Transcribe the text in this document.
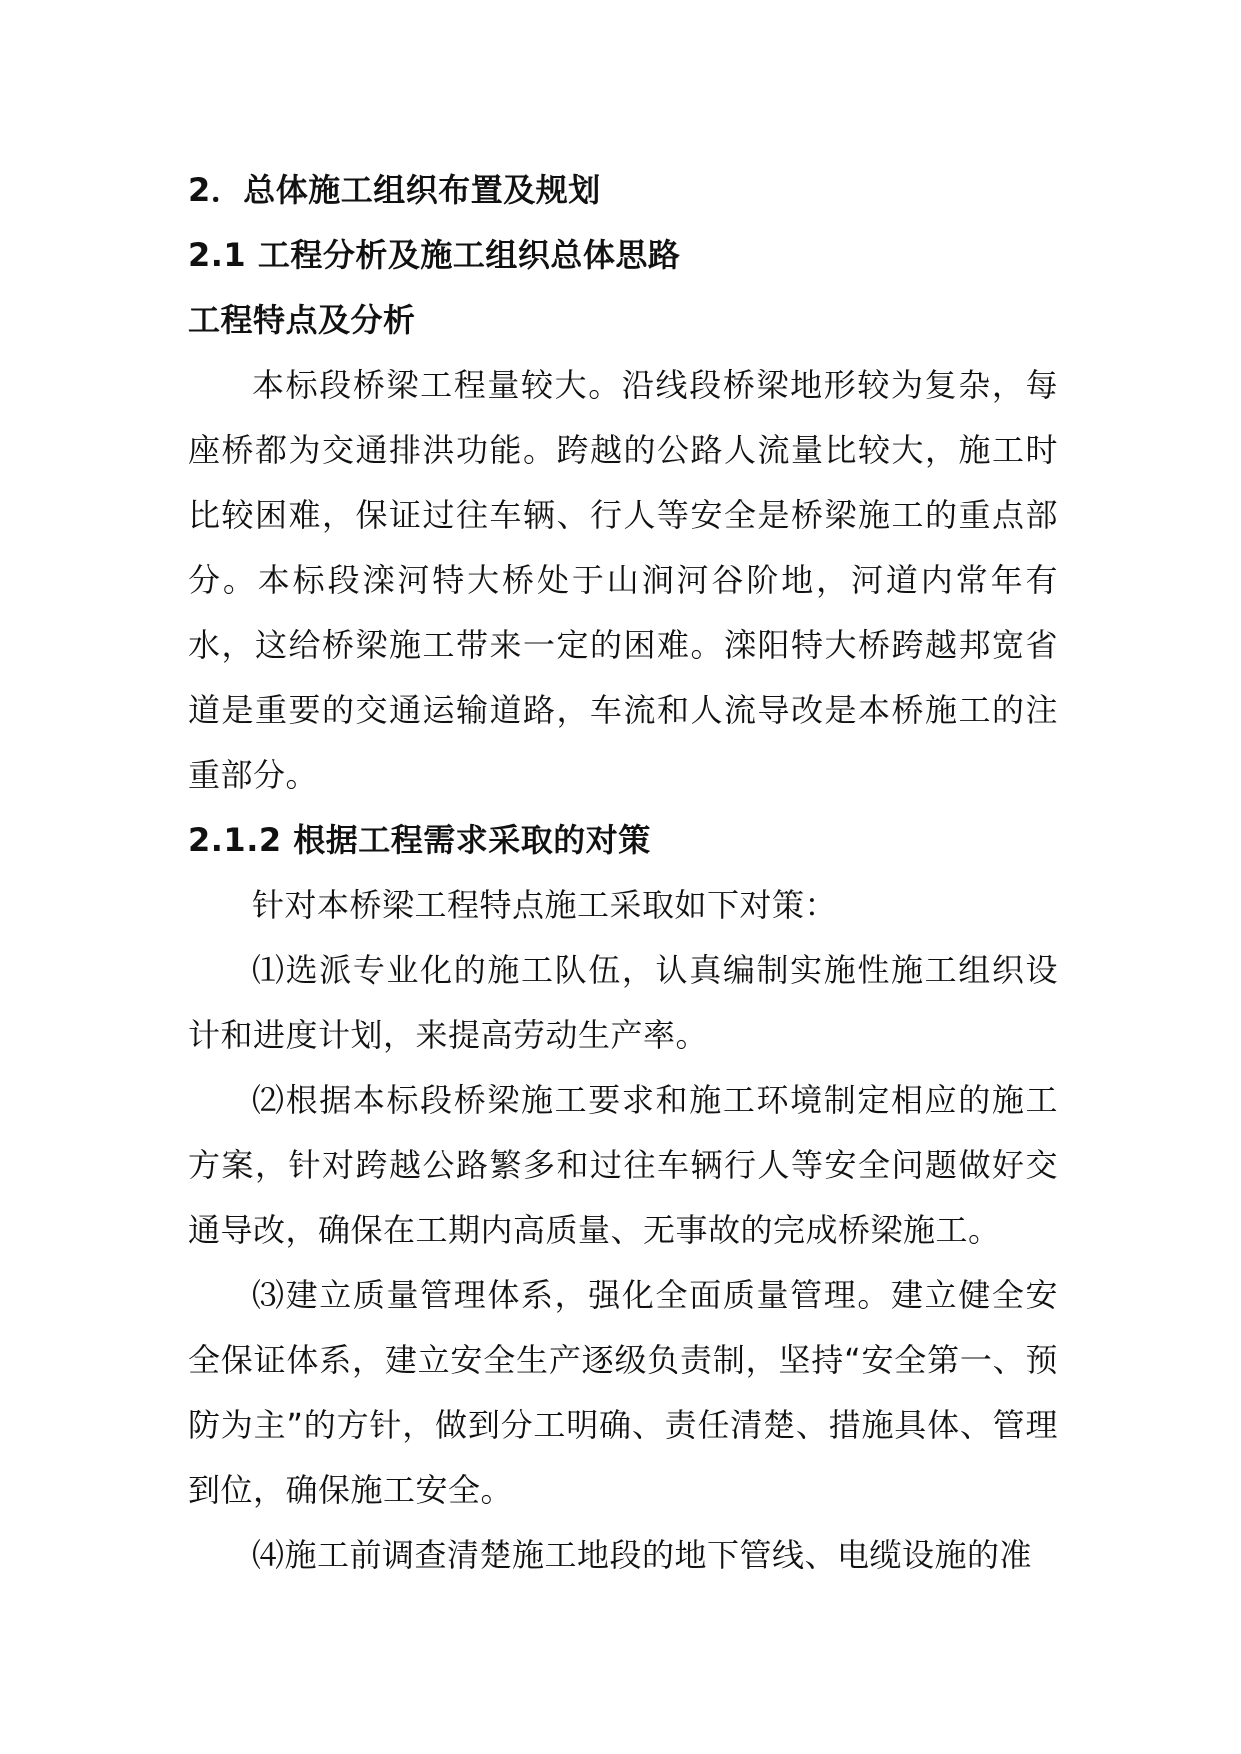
2．总体施工组织布置及规划
2.1 工程分析及施工组织总体思路
工程特点及分析

本标段桥梁工程量较大。沿线段桥梁地形较为复杂，每座桥都为交通排洪功能。跨越的公路人流量比较大，施工时比较困难，保证过往车辆、行人等安全是桥梁施工的重点部分。本标段滦河特大桥处于山涧河谷阶地，河道内常年有水，这给桥梁施工带来一定的困难。滦阳特大桥跨越邦宽省道是重要的交通运输道路，车流和人流导改是本桥施工的注重部分。

2.1.2 根据工程需求采取的对策

针对本桥梁工程特点施工采取如下对策：

⑴选派专业化的施工队伍，认真编制实施性施工组织设计和进度计划，来提高劳动生产率。

⑵根据本标段桥梁施工要求和施工环境制定相应的施工方案，针对跨越公路繁多和过往车辆行人等安全问题做好交通导改，确保在工期内高质量、无事故的完成桥梁施工。

⑶建立质量管理体系，强化全面质量管理。建立健全安全保证体系，建立安全生产逐级负责制，坚持“安全第一、预防为主”的方针，做到分工明确、责任清楚、措施具体、管理到位，确保施工安全。

⑷施工前调查清楚施工地段的地下管线、电缆设施的准
